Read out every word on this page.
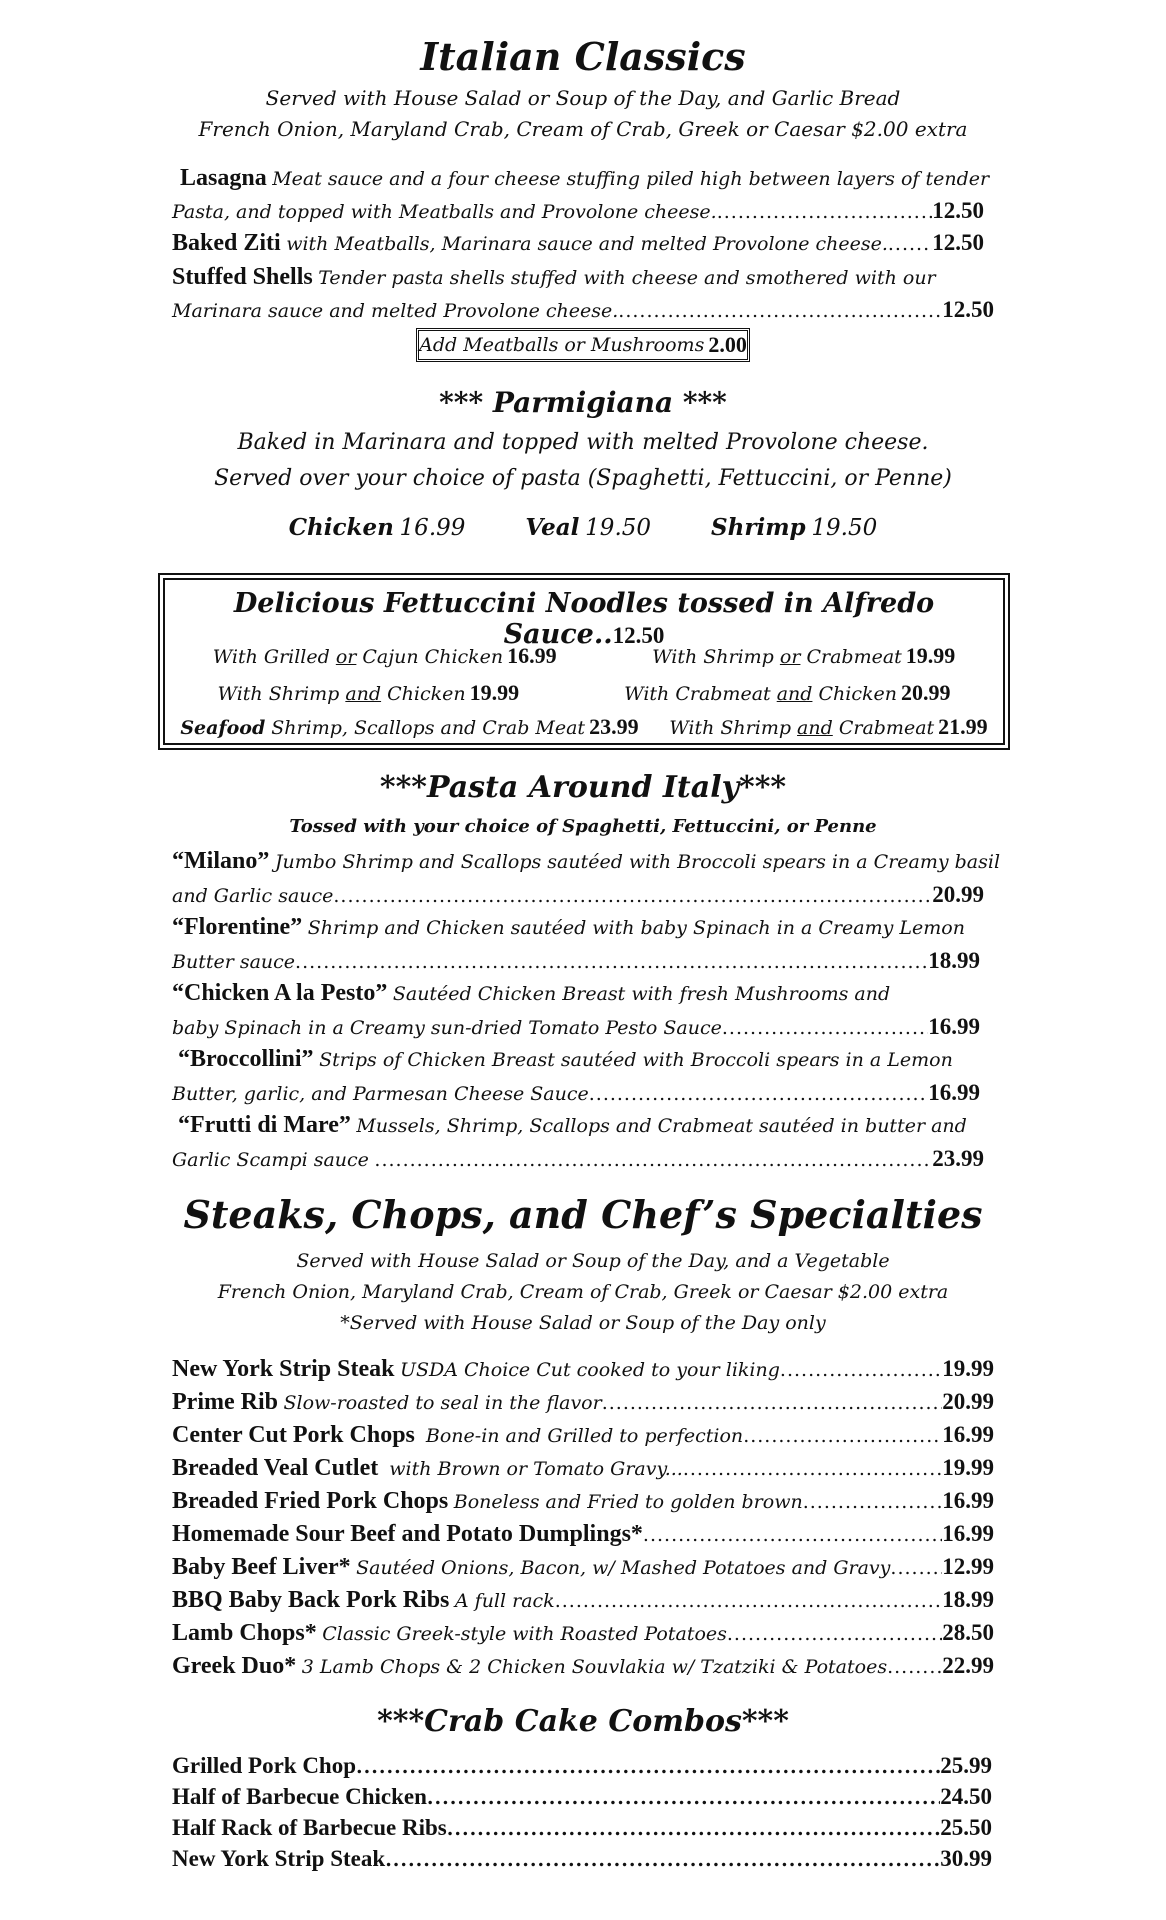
Italian Classics
Served with House Salad or Soup of the Day, and Garlic Bread
French Onion, Maryland Crab, Cream of Crab, Greek or Caesar $2.00 extra
Lasagna Meat sauce and a four cheese stuffing piled high between layers of tender
Pasta, and topped with Meatballs and Provolone cheese. .....	12.50
Baked Ziti
with Meatballs, Marinara sauce and melted Provolone cheese. ..... 12.50
Stuffed Shells Tender pasta shells stuffed with cheese and smothered with our
Marinara sauce and melted Provolone cheese. .....	12.50
Add Meatballs or Mushrooms 2.00
*** Parmigiana ***
Baked in Marinara and topped with melted Provolone cheese.
Served over your choice of pasta (Spaghetti, Fettuccini, or Penne)
Chicken 16.99	Veal 19.50	Shrimp 19.50
Delicious Fettuccini Noodles tossed in Alfredo Sauce..12.50
With Grilled or Cajun Chicken 16.99	With Shrimp or Crabmeat 19.99
With Shrimp and Chicken 19.99	With Crabmeat and Chicken 20.99
Seafood Shrimp, Scallops and Crab Meat 23.99 With Shrimp and Crabmeat 21.99
***Pasta Around Italy***
Tossed with your choice of Spaghetti, Fettuccini, or Penne
“Milano” Jumbo Shrimp and Scallops sautéed with Broccoli spears in a Creamy basil
and Garlic sauce .....	20.99
“Florentine” Shrimp and Chicken sautéed with baby Spinach in a Creamy Lemon
Butter sauce .....	18.99
“Chicken A la Pesto” Sautéed Chicken Breast with fresh Mushrooms and
baby Spinach in a Creamy sun-dried Tomato Pesto Sauce .....	16.99
“Broccollini” Strips of Chicken Breast sautéed with Broccoli spears in a Lemon
Butter, garlic, and Parmesan Cheese Sauce .....	16.99
“Frutti di Mare” Mussels, Shrimp, Scallops and Crabmeat sautéed in butter and
Garlic Scampi sauce
.....	23.99
Steaks, Chops, and Chef’s Specialties
Served with House Salad or Soup of the Day, and a Vegetable
French Onion, Maryland Crab, Cream of Crab, Greek or Caesar $2.00 extra
*Served with House Salad or Soup of the Day only
New York Strip Steak
USDA Choice Cut cooked to your liking .....	19.99
Prime Rib
Slow-roasted to seal in the flavor .....	20.99
Center Cut Pork Chops
Bone-in and Grilled to perfection .....	16.99
Breaded Veal Cutlet
with Brown or Tomato Gravy... .....	19.99
Breaded Fried Pork Chops
Boneless and Fried to golden brown .....	16.99
Homemade Sour Beef and Potato Dumplings* .....	16.99
Baby Beef Liver*
Sautéed Onions, Bacon, w/ Mashed Potatoes and Gravy ..... 12.99
BBQ Baby Back Pork Ribs
A full rack .....	18.99
Lamb Chops*
Classic Greek-style with Roasted Potatoes .....	28.50
Greek Duo*
3 Lamb Chops & 2 Chicken Souvlakia w/ Tzatziki & Potatoes ..... 22.99
***Crab Cake Combos***
Grilled Pork Chop .....	25.99
Half of Barbecue Chicken .....	24.50
Half Rack of Barbecue Ribs .....	25.50
New York Strip Steak .....	30.99
